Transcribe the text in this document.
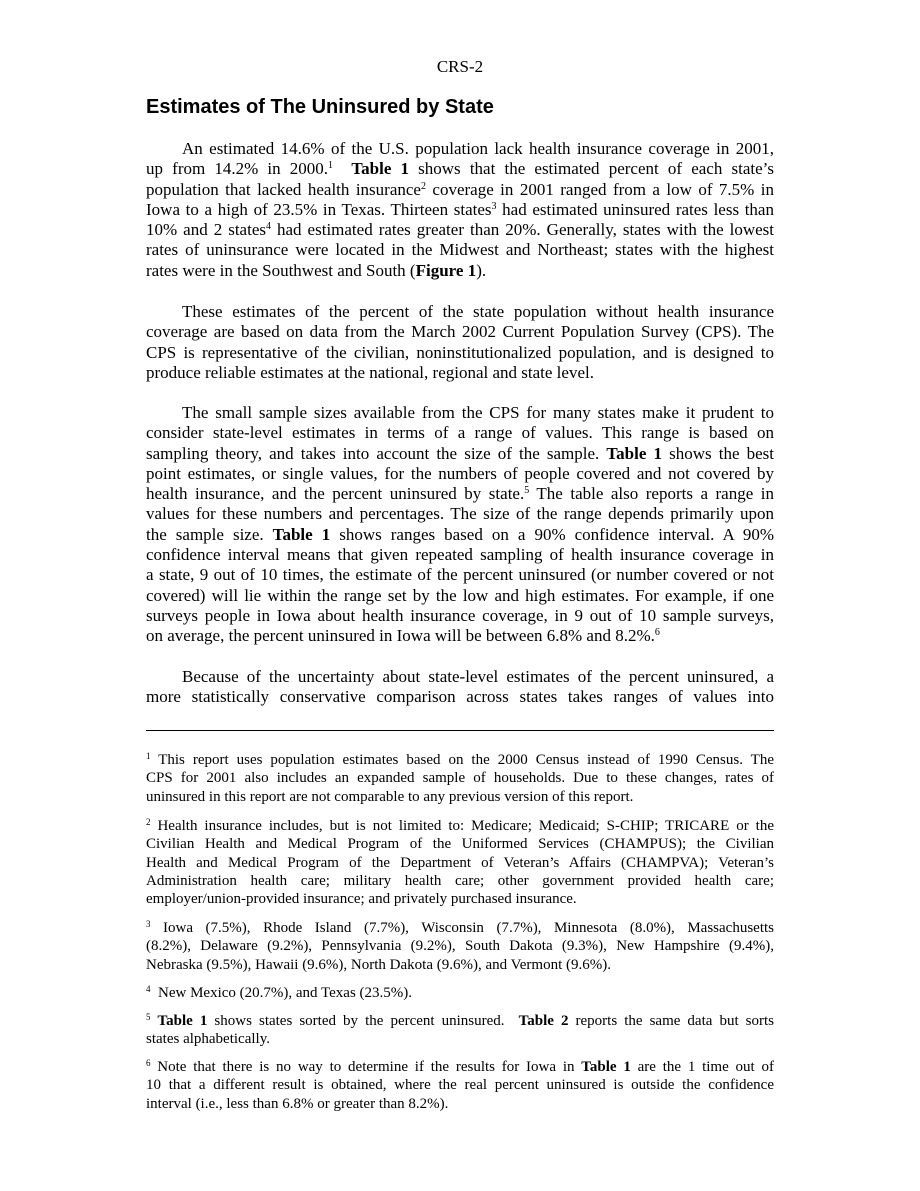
CRS-2
Estimates of The Uninsured by State

An estimated 14.6% of the U.S. population lack health insurance coverage in 2001,
up from 14.2% in 2000.$^1$ Table 1 shows that the estimated percent of each state’s
population that lacked health insurance$^2$ coverage in 2001 ranged from a low of 7.5% in
Iowa to a high of 23.5% in Texas. Thirteen states$^3$ had estimated uninsured rates less than
10% and 2 states$^4$ had estimated rates greater than 20%. Generally, states with the lowest
rates of uninsurance were located in the Midwest and Northeast; states with the highest
rates were in the Southwest and South (Figure 1).

These estimates of the percent of the state population without health insurance
coverage are based on data from the March 2002 Current Population Survey (CPS). The
CPS is representative of the civilian, noninstitutionalized population, and is designed to
produce reliable estimates at the national, regional and state level.

The small sample sizes available from the CPS for many states make it prudent to
consider state-level estimates in terms of a range of values. This range is based on
sampling theory, and takes into account the size of the sample. Table 1 shows the best
point estimates, or single values, for the numbers of people covered and not covered by
health insurance, and the percent uninsured by state.$^5$ The table also reports a range in
values for these numbers and percentages. The size of the range depends primarily upon
the sample size. Table 1 shows ranges based on a 90% confidence interval. A 90%
confidence interval means that given repeated sampling of health insurance coverage in
a state, 9 out of 10 times, the estimate of the percent uninsured (or number covered or not
covered) will lie within the range set by the low and high estimates. For example, if one
surveys people in Iowa about health insurance coverage, in 9 out of 10 sample surveys,
on average, the percent uninsured in Iowa will be between 6.8% and 8.2%.$^6$

Because of the uncertainty about state-level estimates of the percent uninsured, a
more statistically conservative comparison across states takes ranges of values into

$^1$ This report uses population estimates based on the 2000 Census instead of 1990 Census. The
CPS for 2001 also includes an expanded sample of households. Due to these changes, rates of
uninsured in this report are not comparable to any previous version of this report.

$^2$ Health insurance includes, but is not limited to: Medicare; Medicaid; S-CHIP; TRICARE or the
Civilian Health and Medical Program of the Uniformed Services (CHAMPUS); the Civilian
Health and Medical Program of the Department of Veteran’s Affairs (CHAMPVA); Veteran’s
Administration health care; military health care; other government provided health care;
employer/union-provided insurance; and privately purchased insurance.

$^3$ Iowa (7.5%), Rhode Island (7.7%), Wisconsin (7.7%), Minnesota (8.0%), Massachusetts
(8.2%), Delaware (9.2%), Pennsylvania (9.2%), South Dakota (9.3%), New Hampshire (9.4%),
Nebraska (9.5%), Hawaii (9.6%), North Dakota (9.6%), and Vermont (9.6%).

$^4$  New Mexico (20.7%), and Texas (23.5%).

$^5$ Table 1 shows states sorted by the percent uninsured.  Table 2 reports the same data but sorts
states alphabetically.

$^6$ Note that there is no way to determine if the results for Iowa in Table 1 are the 1 time out of
10 that a different result is obtained, where the real percent uninsured is outside the confidence
interval (i.e., less than 6.8% or greater than 8.2%).
